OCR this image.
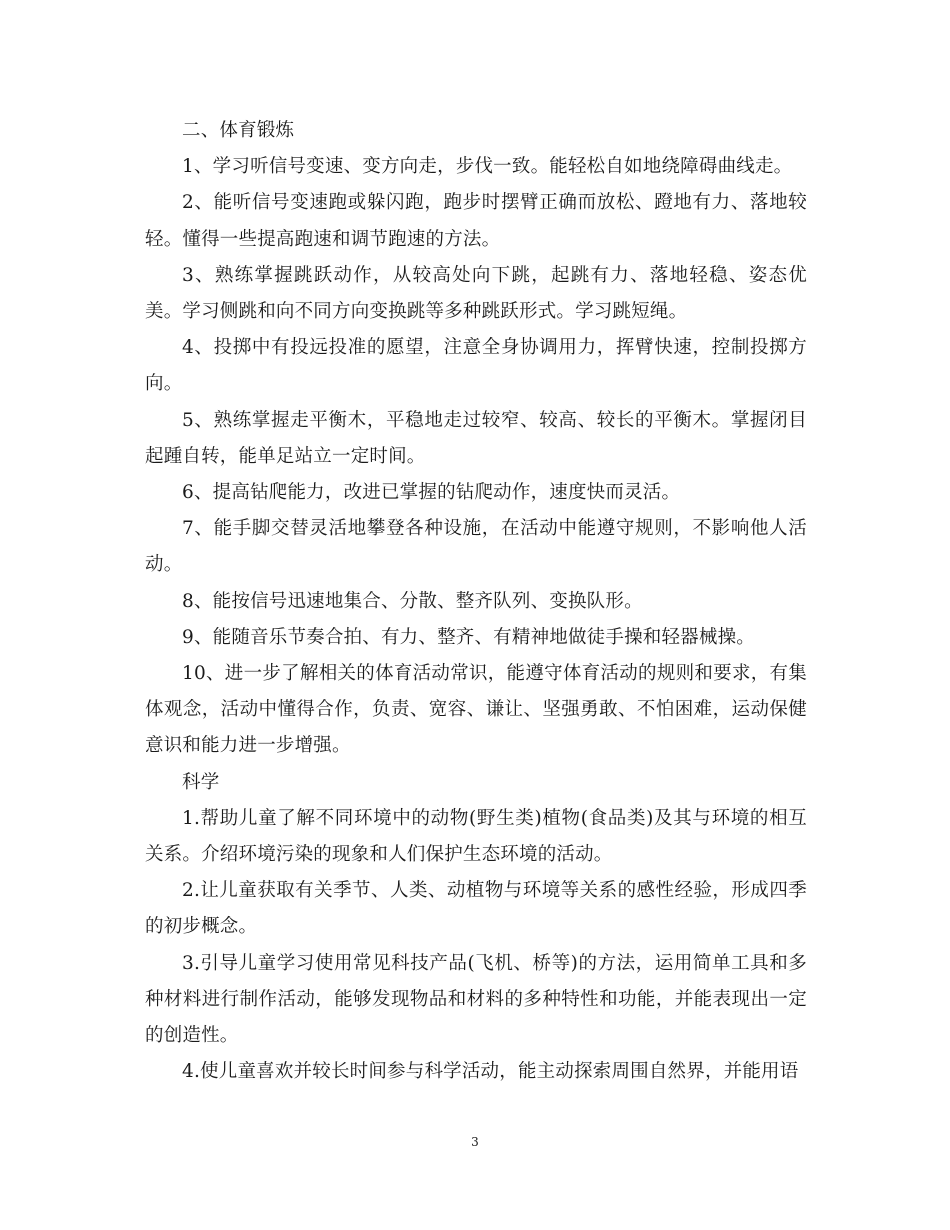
二、体育锻炼

1、学习听信号变速、变方向走，步伐一致。能轻松自如地绕障碍曲线走。

2、能听信号变速跑或躲闪跑，跑步时摆臂正确而放松、蹬地有力、落地较轻。懂得一些提高跑速和调节跑速的方法。

3、熟练掌握跳跃动作，从较高处向下跳，起跳有力、落地轻稳、姿态优美。学习侧跳和向不同方向变换跳等多种跳跃形式。学习跳短绳。

4、投掷中有投远投准的愿望，注意全身协调用力，挥臂快速，控制投掷方向。

5、熟练掌握走平衡木，平稳地走过较窄、较高、较长的平衡木。掌握闭目起踵自转，能单足站立一定时间。

6、提高钻爬能力，改进已掌握的钻爬动作，速度快而灵活。

7、能手脚交替灵活地攀登各种设施，在活动中能遵守规则，不影响他人活动。

8、能按信号迅速地集合、分散、整齐队列、变换队形。

9、能随音乐节奏合拍、有力、整齐、有精神地做徒手操和轻器械操。

10、进一步了解相关的体育活动常识，能遵守体育活动的规则和要求，有集体观念，活动中懂得合作，负责、宽容、谦让、坚强勇敢、不怕困难，运动保健意识和能力进一步增强。

科学

1.帮助儿童了解不同环境中的动物(野生类)植物(食品类)及其与环境的相互关系。介绍环境污染的现象和人们保护生态环境的活动。

2.让儿童获取有关季节、人类、动植物与环境等关系的感性经验，形成四季的初步概念。

3.引导儿童学习使用常见科技产品(飞机、桥等)的方法，运用简单工具和多种材料进行制作活动，能够发现物品和材料的多种特性和功能，并能表现出一定的创造性。

4.使儿童喜欢并较长时间参与科学活动，能主动探索周围自然界，并能用语

3
